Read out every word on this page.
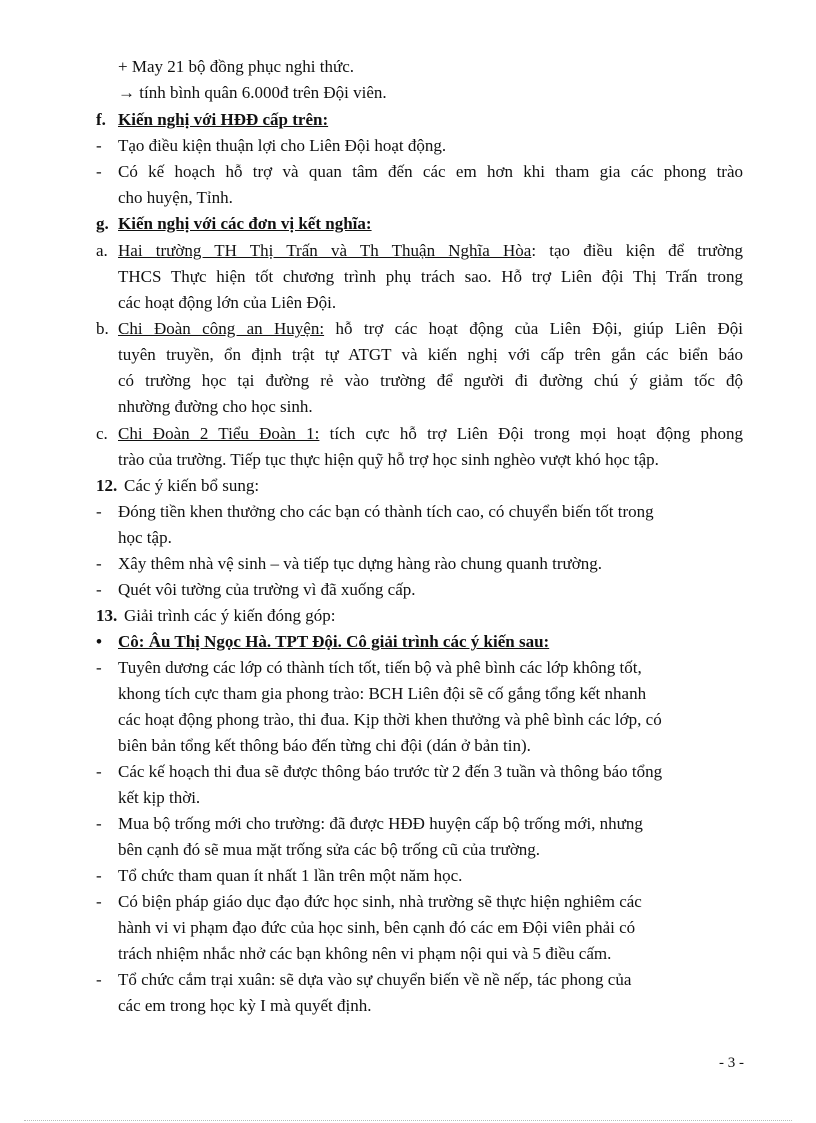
+ May 21 bộ đồng phục nghi thức.
→ tính bình quân 6.000đ trên Đội viên.
f. Kiến nghị với HĐĐ cấp trên:
- Tạo điều kiện thuận lợi cho Liên Đội hoạt động.
- Có kế hoạch hỗ trợ và quan tâm đến các em hơn khi tham gia các phong trào
cho huyện, Tỉnh.
g. Kiến nghị với các đơn vị kết nghĩa:
a. Hai trường TH Thị Trấn và Th Thuận Nghĩa Hòa: tạo điều kiện để trường
THCS Thực hiện tốt chương trình phụ trách sao. Hỗ trợ Liên đội Thị Trấn trong
các hoạt động lớn của Liên Đội.
b. Chi Đoàn công an Huyện: hỗ trợ các hoạt động của Liên Đội, giúp Liên Đội
tuyên truyền, ổn định trật tự ATGT và kiến nghị với cấp trên gắn các biển báo
có trường học tại đường rẻ vào trường để người đi đường chú ý giảm tốc độ
nhường đường cho học sinh.
c. Chi Đoàn 2 Tiểu Đoàn 1: tích cực hỗ trợ Liên Đội trong mọi hoạt động phong
trào của trường. Tiếp tục thực hiện quỹ hỗ trợ học sinh nghèo vượt khó học tập.
12. Các ý kiến bổ sung:
- Đóng tiền khen thưởng cho các bạn có thành tích cao, có chuyển biến tốt trong
học tập.
- Xây thêm nhà vệ sinh – và tiếp tục dựng hàng rào chung quanh trường.
- Quét vôi tường của trường vì đã xuống cấp.
13. Giải trình các ý kiến đóng góp:
• Cô: Âu Thị Ngọc Hà. TPT Đội. Cô giải trình các ý kiến sau:
- Tuyên dương các lớp có thành tích tốt, tiến bộ và phê bình các lớp không tốt,
khong tích cực tham gia phong trào: BCH Liên đội sẽ cố gắng tổng kết nhanh
các hoạt động phong trào, thi đua. Kịp thời khen thưởng và phê bình các lớp, có
biên bản tổng kết thông báo đến từng chi đội (dán ở bản tin).
- Các kế hoạch thi đua sẽ được thông báo trước từ 2 đến 3 tuần và thông báo tổng
kết kịp thời.
- Mua bộ trống mới cho trường: đã được HĐĐ huyện cấp bộ trống mới, nhưng
bên cạnh đó sẽ mua mặt trống sửa các bộ trống cũ của trường.
- Tổ chức tham quan ít nhất 1 lần trên một năm học.
- Có biện pháp giáo dục đạo đức học sinh, nhà trường sẽ thực hiện nghiêm các
hành vi vi phạm đạo đức của học sinh, bên cạnh đó các em Đội viên phải có
trách nhiệm nhắc nhở các bạn không nên vi phạm nội qui và 5 điều cấm.
- Tổ chức cắm trại xuân: sẽ dựa vào sự chuyển biến về nề nếp, tác phong của
các em trong học kỳ I mà quyết định.
- 3 -
